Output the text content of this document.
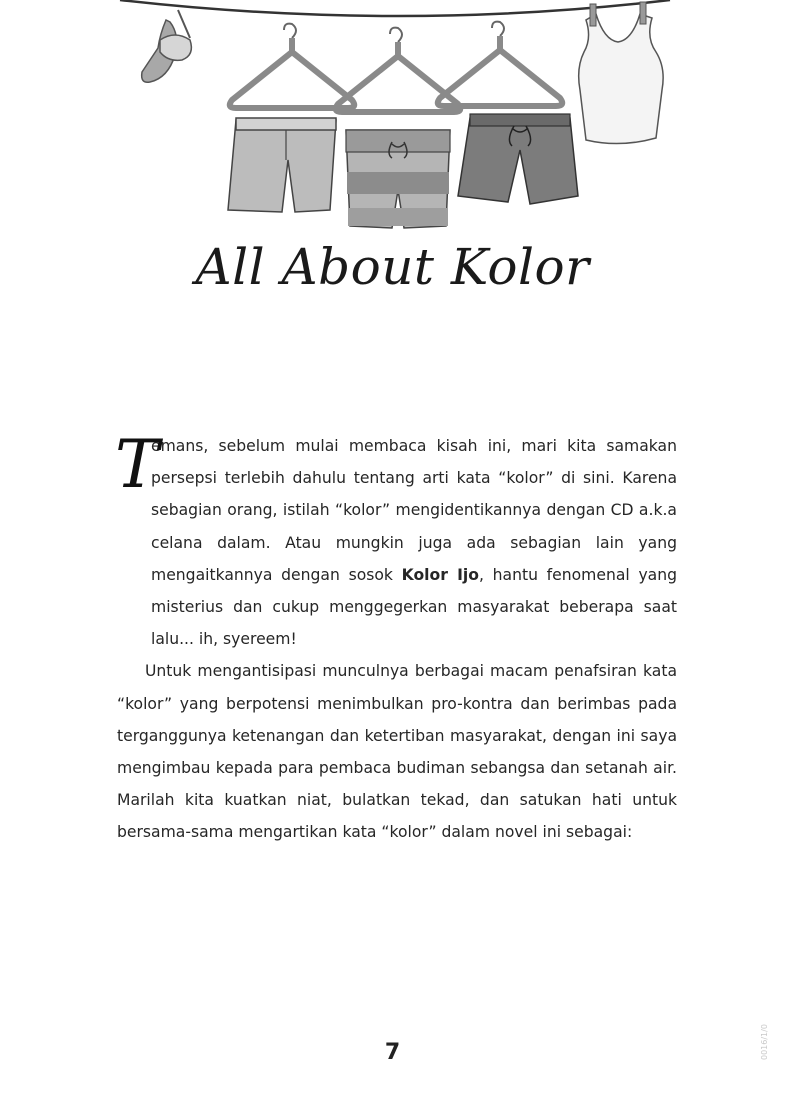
All About Kolor

T
emans, sebelum mulai membaca kisah ini, mari kita samakan persepsi terlebih dahulu tentang arti kata “kolor” di sini. Karena sebagian orang, istilah “kolor” mengidentikannya dengan CD a.k.a celana dalam. Atau mungkin juga ada sebagian lain yang mengaitkannya dengan sosok Kolor Ijo, hantu fenomenal yang misterius dan cukup menggegerkan masyarakat beberapa saat lalu... ih, syereem!

Untuk mengantisipasi munculnya berbagai macam penafsiran kata “kolor” yang berpotensi menimbulkan pro-kontra dan berimbas pada terganggunya ketenangan dan ketertiban masyarakat, dengan ini saya mengimbau kepada para pembaca budiman sebangsa dan setanah air. Marilah kita kuatkan niat, bulatkan tekad, dan satukan hati untuk bersama-sama mengartikan kata “kolor” dalam novel ini sebagai:

7	0016/1/0
